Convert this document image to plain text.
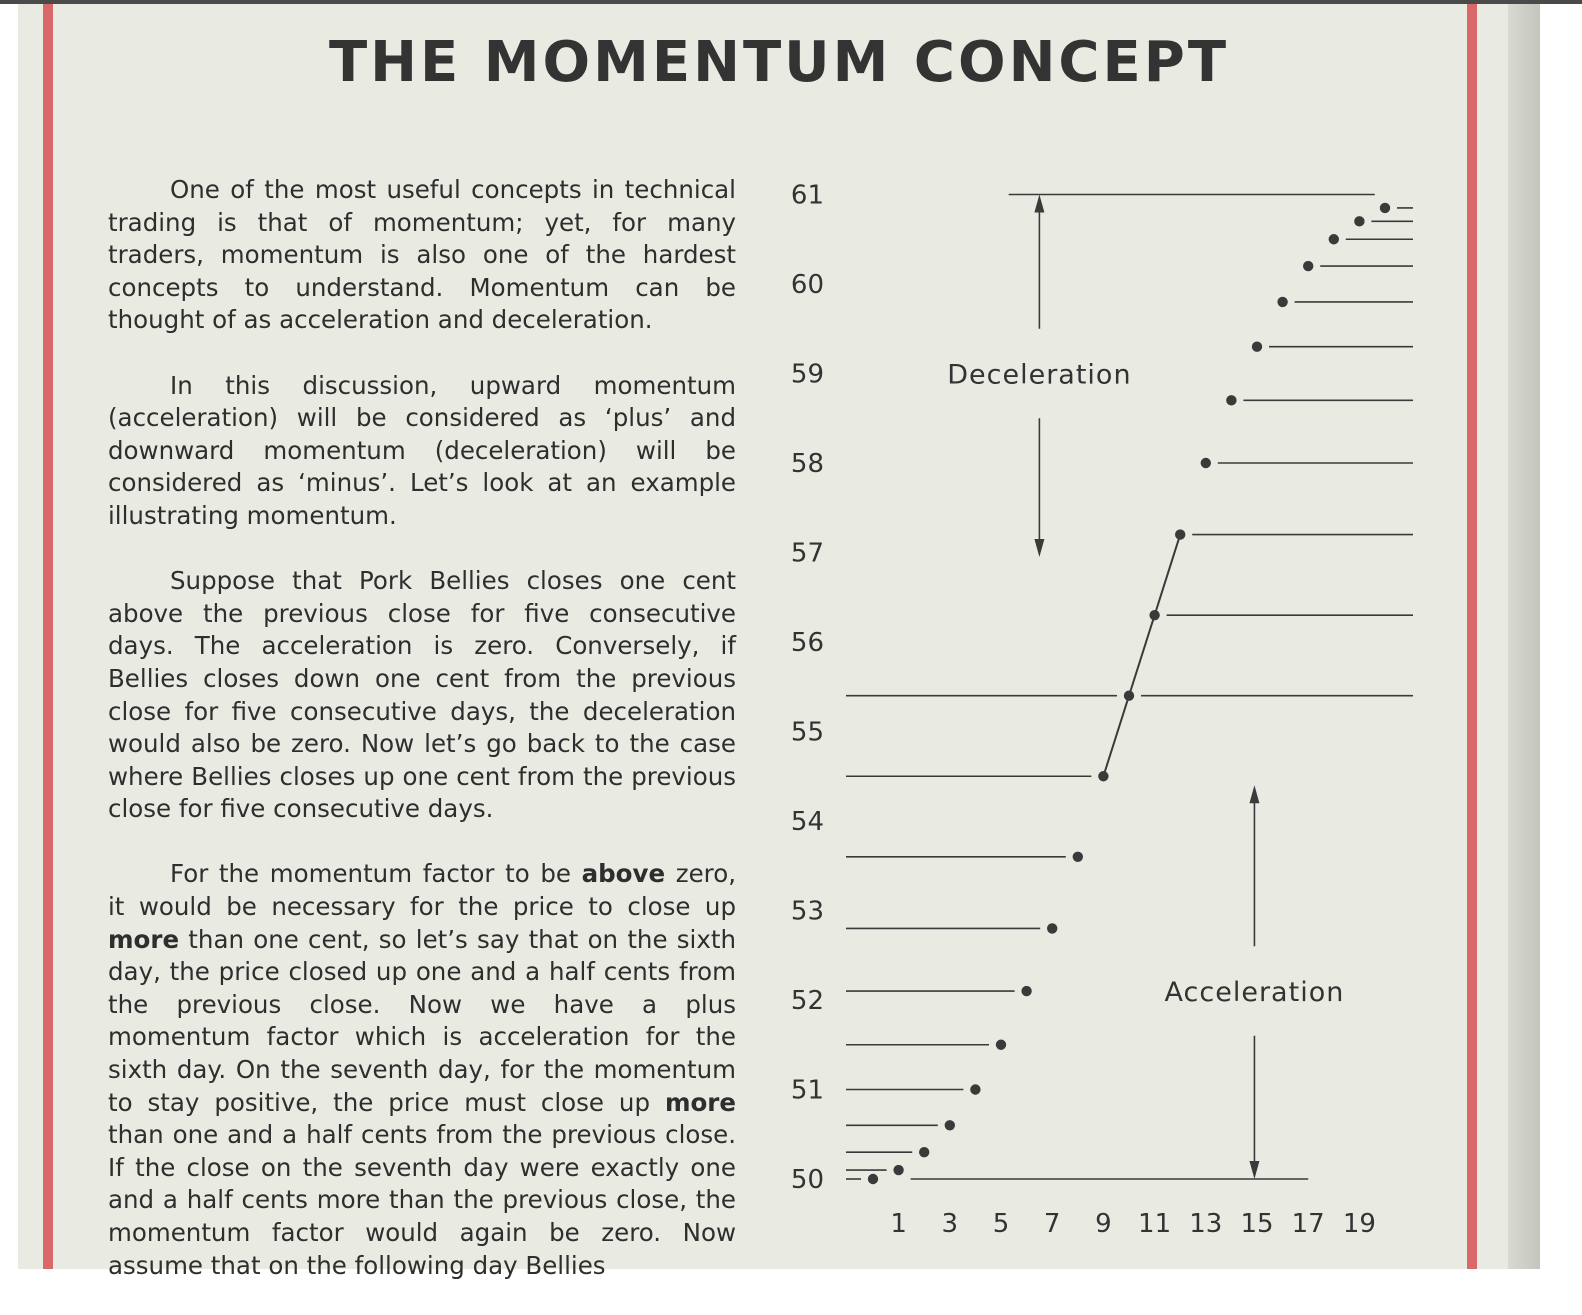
THE MOMENTUM CONCEPT

One of the most useful concepts in technical trading is that of momentum; yet, for many traders, momentum is also one of the hardest concepts to understand. Momentum can be thought of as acceleration and deceleration.

In this discussion, upward momentum (acceleration) will be considered as ‘plus’ and downward momentum (deceleration) will be considered as ‘minus’. Let’s look at an example illustrating momentum.

Suppose that Pork Bellies closes one cent above the previous close for five consecutive days. The acceleration is zero. Conversely, if Bellies closes down one cent from the previous close for five consecutive days, the deceleration would also be zero. Now let’s go back to the case where Bellies closes up one cent from the previous close for five consecutive days.

For the momentum factor to be above zero, it would be necessary for the price to close up more than one cent, so let’s say that on the sixth day, the price closed up one and a half cents from the previous close. Now we have a plus momentum factor which is acceleration for the sixth day. On the seventh day, for the momentum to stay positive, the price must close up more than one and a half cents from the previous close. If the close on the seventh day were exactly one and a half cents more than the previous close, the momentum factor would again be zero. Now assume that on the following day Bellies

50
51
52
53
54
55
56
57
58
59
60
61
1 3 5 7 9 11 13 15 17 19
Deceleration
Acceleration
